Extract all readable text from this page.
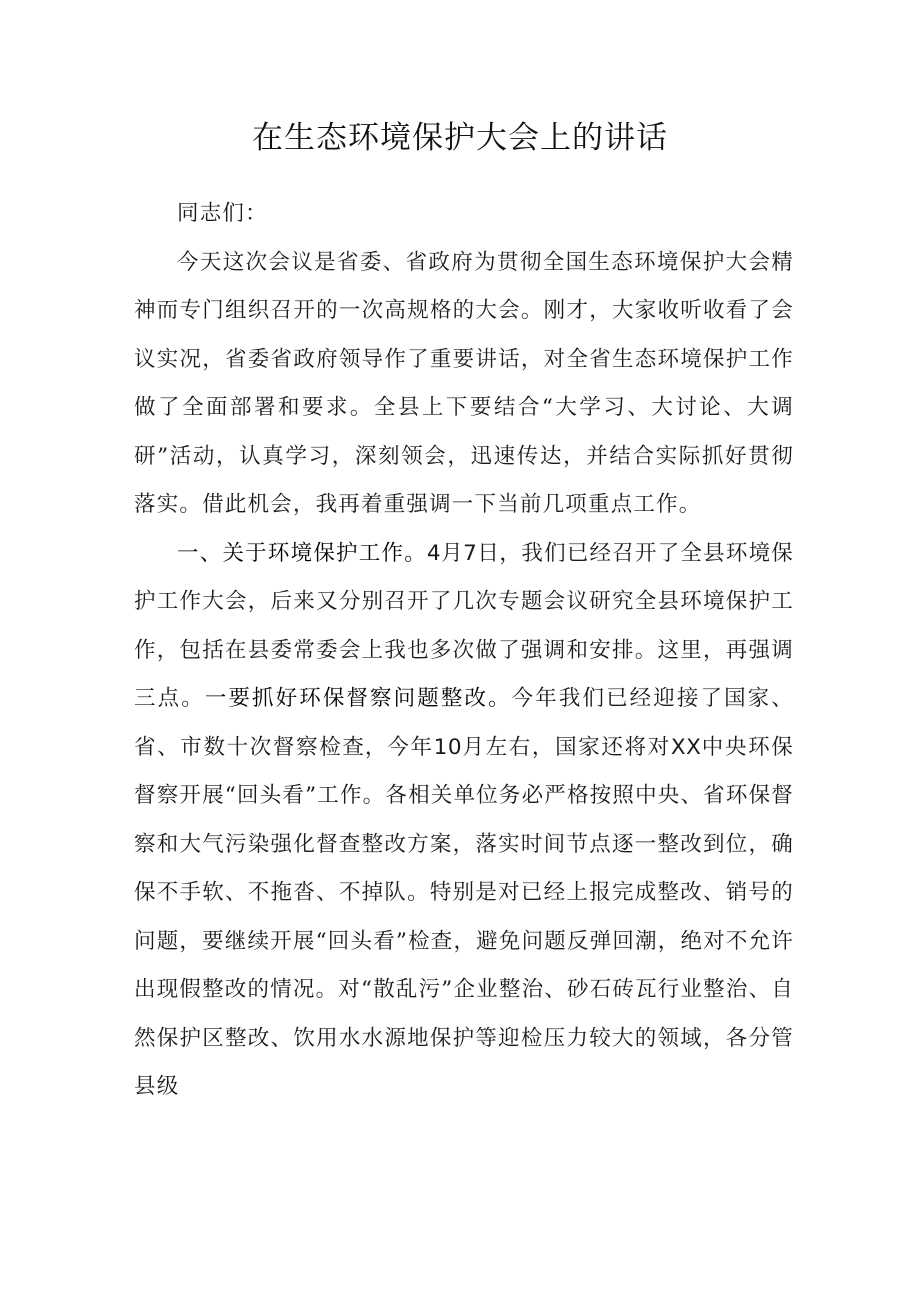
在生态环境保护大会上的讲话

同志们：

今天这次会议是省委、省政府为贯彻全国生态环境保护大会精神而专门组织召开的一次高规格的大会。刚才，大家收听收看了会议实况，省委省政府领导作了重要讲话，对全省生态环境保护工作做了全面部署和要求。全县上下要结合“大学习、大讨论、大调研”活动，认真学习，深刻领会，迅速传达，并结合实际抓好贯彻落实。借此机会，我再着重强调一下当前几项重点工作。

一、关于环境保护工作。4月7日，我们已经召开了全县环境保护工作大会，后来又分别召开了几次专题会议研究全县环境保护工作，包括在县委常委会上我也多次做了强调和安排。这里，再强调三点。一要抓好环保督察问题整改。今年我们已经迎接了国家、省、市数十次督察检查，今年10月左右，国家还将对XX中央环保督察开展“回头看”工作。各相关单位务必严格按照中央、省环保督察和大气污染强化督查整改方案，落实时间节点逐一整改到位，确保不手软、不拖沓、不掉队。特别是对已经上报完成整改、销号的问题，要继续开展“回头看”检查，避免问题反弹回潮，绝对不允许出现假整改的情况。对“散乱污”企业整治、砂石砖瓦行业整治、自然保护区整改、饮用水水源地保护等迎检压力较大的领域，各分管县级
